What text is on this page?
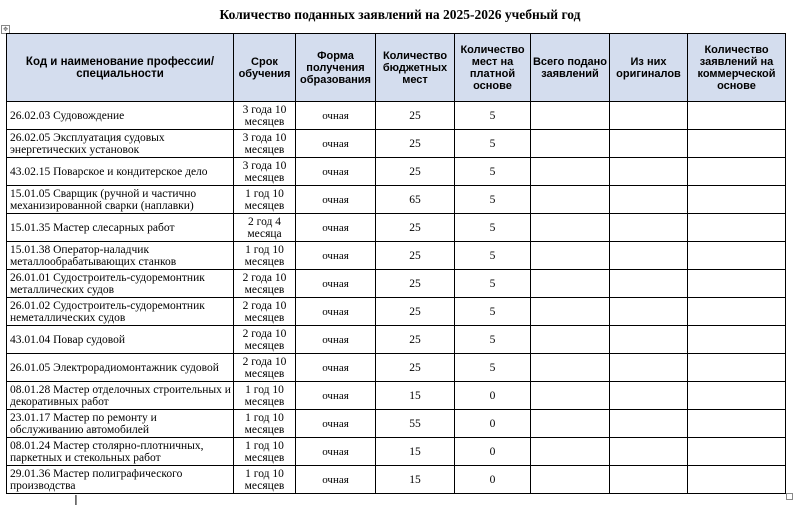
Количество поданных заявлений на 2025-2026 учебный год
✥
Код и наименование профессии/специальности	Срок обучения	Форма получения образования	Количество бюджетных мест	Количество мест на платной основе	Всего подано заявлений	Из них оригиналов	Количество заявлений на коммерческой основе

26.02.03 Судовождение	3 года 10 месяцев	очная	25	5			

26.02.05 Эксплуатация судовых энергетических установок	3 года 10 месяцев	очная	25	5			

43.02.15 Поварское и кондитерское дело	3 года 10 месяцев	очная	25	5			

15.01.05 Сварщик (ручной и частично механизированной сварки (наплавки)	1 год 10 месяцев	очная	65	5			

15.01.35 Мастер слесарных работ	2 год 4 месяца	очная	25	5			

15.01.38 Оператор-наладчик металлообрабатывающих станков	1 год 10 месяцев	очная	25	5			

26.01.01 Судостроитель-судоремонтник металлических судов	2 года 10 месяцев	очная	25	5			

26.01.02 Судостроитель-судоремонтник неметаллических судов	2 года 10 месяцев	очная	25	5			

43.01.04 Повар судовой	2 года 10 месяцев	очная	25	5			

26.01.05 Электрорадиомонтажник судовой	2 года 10 месяцев	очная	25	5			

08.01.28 Мастер отделочных строительных и декоративных работ	1 год 10 месяцев	очная	15	0			

23.01.17 Мастер по ремонту и обслуживанию автомобилей	1 год 10 месяцев	очная	55	0			

08.01.24 Мастер столярно-плотничных, паркетных и стекольных работ	1 год 10 месяцев	очная	15	0			

29.01.36 Мастер полиграфического производства	1 год 10 месяцев	очная	15	0			

I
